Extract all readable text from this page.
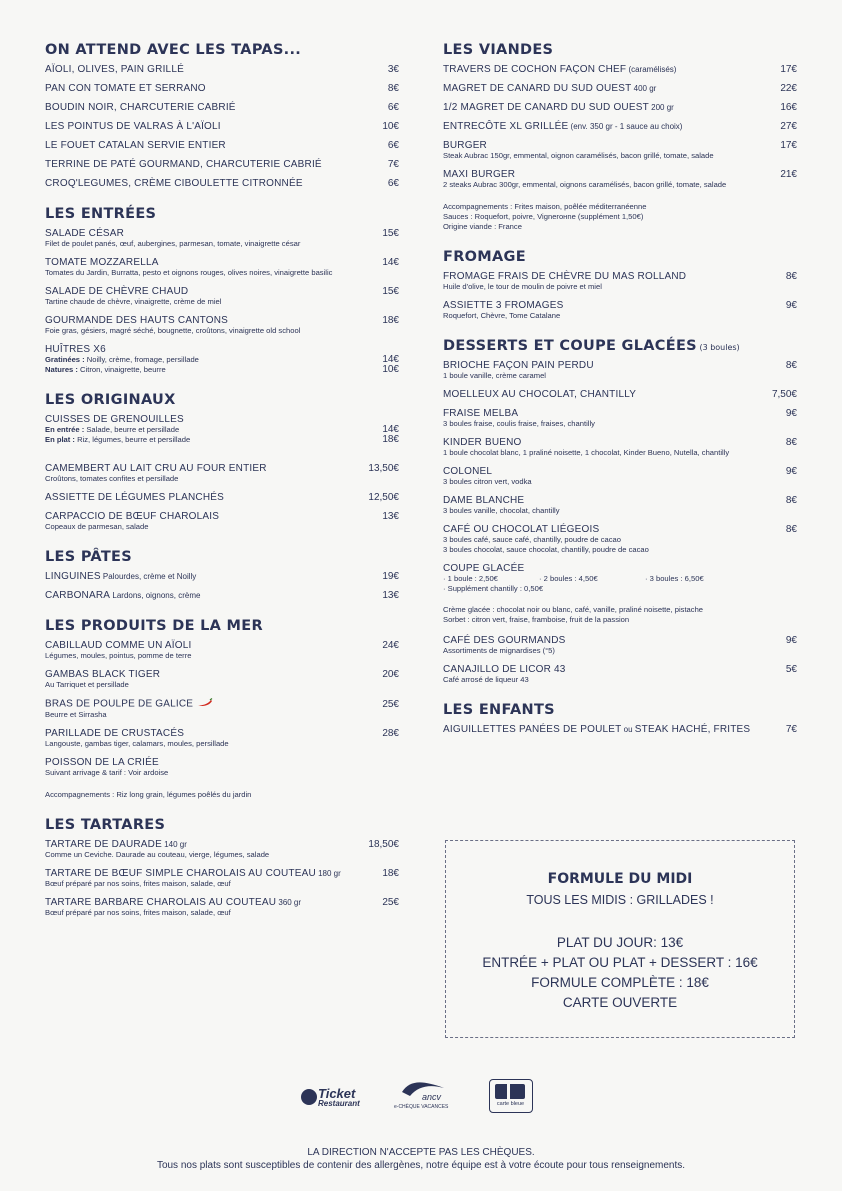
ON ATTEND AVEC LES TAPAS...
AÏOLI, OLIVES, PAIN GRILLÉ	3€
PAN CON TOMATE ET SERRANO	8€
BOUDIN NOIR, CHARCUTERIE CABRIÉ	6€
LES POINTUS DE VALRAS À L'AÏOLI	10€
LE FOUET CATALAN SERVIE ENTIER	6€
TERRINE DE PATÉ GOURMAND, CHARCUTERIE CABRIÉ	7€
CROQ'LEGUMES, CRÈME CIBOULETTE CITRONNÉE	6€
LES ENTRÉES
SALADE CÉSAR	15€
Filet de poulet panés, œuf, aubergines, parmesan, tomate, vinaigrette césar
TOMATE MOZZARELLA	14€
Tomates du Jardin, Burratta, pesto et oignons rouges, olives noires, vinaigrette basilic
SALADE DE CHÈVRE CHAUD	15€
Tartine chaude de chèvre, vinaigrette, crème de miel
GOURMANDE DES HAUTS CANTONS	18€
Foie gras, gésiers, magré séché, bougnette, croûtons, vinaigrette old school
HUÎTRES X6
Gratinées : Noilly, crème, fromage, persillade	14€
Natures : Citron, vinaigrette, beurre	10€
LES ORIGINAUX
CUISSES DE GRENOUILLES
En entrée : Salade, beurre et persillade	14€
En plat : Riz, légumes, beurre et persillade	18€
CAMEMBERT AU LAIT CRU AU FOUR ENTIER	13,50€
Croûtons, tomates confites et persillade
ASSIETTE DE LÉGUMES PLANCHÉS	12,50€
CARPACCIO DE BŒUF CHAROLAIS	13€
Copeaux de parmesan, salade
LES PÂTES
LINGUINES Palourdes, crème et Noilly	19€
CARBONARA Lardons, oignons, crème	13€
LES PRODUITS DE LA MER
CABILLAUD COMME UN AÏOLI	24€
Légumes, moules, pointus, pomme de terre
GAMBAS BLACK TIGER	20€
Au Tarriquet et persillade
BRAS DE POULPE DE GALICE	25€
Beurre et Sirrasha
PARILLADE DE CRUSTACÉS	28€
Langouste, gambas tiger, calamars, moules, persillade
POISSON DE LA CRIÉE
Suivant arrivage & tarif : Voir ardoise
Accompagnements : Riz long grain, légumes poêlés du jardin
LES TARTARES
TARTARE DE DAURADE 140 gr	18,50€
Comme un Ceviche. Daurade au couteau, vierge, légumes, salade
TARTARE DE BŒUF SIMPLE CHAROLAIS AU COUTEAU 180 gr	18€
Bœuf préparé par nos soins, frites maison, salade, œuf
TARTARE BARBARE CHAROLAIS AU COUTEAU 360 gr	25€
Bœuf préparé par nos soins, frites maison, salade, œuf
LES VIANDES
TRAVERS DE COCHON FAÇON CHEF (caramélisés)	17€
MAGRET DE CANARD DU SUD OUEST 400 gr	22€
1/2 MAGRET DE CANARD DU SUD OUEST 200 gr	16€
ENTRECÔTE XL GRILLÉE (env. 350 gr - 1 sauce au choix)	27€
BURGER	17€
Steak Aubrac 150gr, emmental, oignon caramélisés, bacon grillé, tomate, salade
MAXI BURGER	21€
2 steaks Aubrac 300gr, emmental, oignons caramélisés, bacon grillé, tomate, salade
Accompagnements : Frites maison, poêlée méditerranéenne
Sauces : Roquefort, poivre, Vignerонne (supplément 1,50€)
Origine viande : France
FROMAGE
FROMAGE FRAIS DE CHÈVRE DU MAS ROLLAND	8€
Huile d'olive, le tour de moulin de poivre et miel
ASSIETTE 3 FROMAGES	9€
Roquefort, Chèvre, Tome Catalane
DESSERTS ET COUPE GLACÉES (3 boules)
BRIOCHE FAÇON PAIN PERDU	8€
1 boule vanille, crème caramel
MOELLEUX AU CHOCOLAT, CHANTILLY	7,50€
FRAISE MELBA	9€
3 boules fraise, coulis fraise, fraises, chantilly
KINDER BUENO	8€
1 boule chocolat blanc, 1 praliné noisette, 1 chocolat, Kinder Bueno, Nutella, chantilly
COLONEL	9€
3 boules citron vert, vodka
DAME BLANCHE	8€
3 boules vanille, chocolat, chantilly
CAFÉ OU CHOCOLAT LIÉGEOIS	8€
3 boules café, sauce café, chantilly, poudre de cacao
3 boules chocolat, sauce chocolat, chantilly, poudre de cacao
COUPE GLACÉE
· 1 boule : 2,50€	· 2 boules : 4,50€	· 3 boules : 6,50€
· Supplément chantilly : 0,50€
Crème glacée : chocolat noir ou blanc, café, vanille, praliné noisette, pistache
Sorbet : citron vert, fraise, framboise, fruit de la passion
CAFÉ DES GOURMANDS	9€
Assortiments de mignardises (°5)
CANAJILLO DE LICOR 43	5€
Café arrosé de liqueur 43
LES ENFANTS
AIGUILLETTES PANÉES DE POULET ou STEAK HACHÉ, FRITES	7€
FORMULE DU MIDI
TOUS LES MIDIS : GRILLADES !
PLAT DU JOUR: 13€
ENTRÉE + PLAT OU PLAT + DESSERT : 16€
FORMULE COMPLÈTE : 18€
CARTE OUVERTE
Ticket
Restaurant
ancv
e-CHÈQUE VACANCES	carte bleue
LA DIRECTION N'ACCEPTE PAS LES CHÈQUES.
Tous nos plats sont susceptibles de contenir des allergènes, notre équipe est à votre écoute pour tous renseignements.
